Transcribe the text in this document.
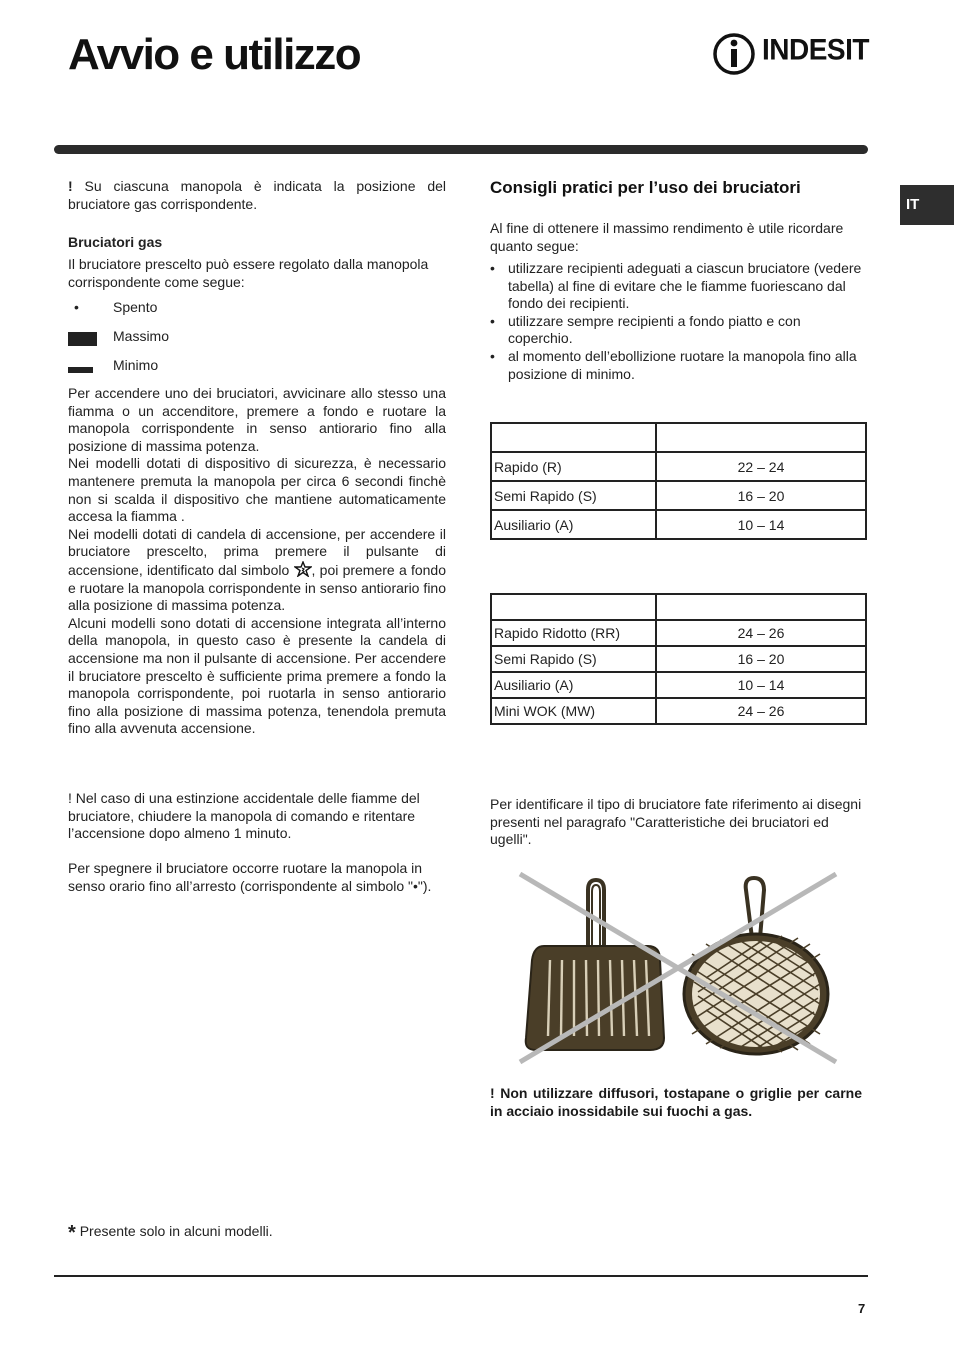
Avvio e utilizzo	INDESIT
IT
! Su ciascuna manopola è indicata la posizione del bruciatore gas corrispondente.
Bruciatori gas
Il bruciatore prescelto può essere regolato dalla manopola corrispondente come segue:
• Spento
Massimo
Minimo
Per accendere uno dei bruciatori, avvicinare allo stesso una fiamma o un accenditore, premere a fondo e ruotare la manopola corrispondente in senso antiorario fino alla posizione di massima potenza.
Nei modelli dotati di dispositivo di sicurezza, è necessario mantenere premuta la manopola per circa 6 secondi finchè non si scalda il dispositivo che mantiene automaticamente accesa la fiamma .
Nei modelli dotati di candela di accensione, per accendere il bruciatore prescelto, prima premere il pulsante di accensione, identificato dal simbolo , poi premere a fondo e ruotare la manopola corrispondente in senso antiorario fino alla posizione di massima potenza.
Alcuni modelli sono dotati di accensione integrata all’interno della manopola, in questo caso è presente la candela di accensione ma non il pulsante di accensione. Per accendere il bruciatore prescelto è sufficiente prima premere a fondo la manopola corrispondente, poi ruotarla in senso antiorario fino alla posizione di massima potenza, tenendola premuta fino alla avvenuta accensione.
! Nel caso di una estinzione accidentale delle fiamme del bruciatore, chiudere la manopola di comando e ritentare l’accensione dopo almeno 1 minuto.
Per spegnere il bruciatore occorre ruotare la manopola in senso orario fino all’arresto (corrispondente al simbolo "•").
Consigli pratici per l’uso dei bruciatori
Al fine di ottenere il massimo rendimento è utile ricordare quanto segue:
• utilizzare recipienti adeguati a ciascun bruciatore (vedere tabella) al fine di evitare che le fiamme fuoriescano dal fondo dei recipienti.
• utilizzare sempre recipienti a fondo piatto e con coperchio.
• al momento dell’ebollizione ruotare la manopola fino alla posizione di minimo.

Rapido (R)	22 – 24
Semi Rapido (S)	16 – 20
Ausiliario (A)	10 – 14

Rapido Ridotto (RR)	24 – 26
Semi Rapido (S)	16 – 20
Ausiliario (A)	10 – 14
Mini WOK (MW)	24 – 26
Per identificare il tipo di bruciatore fate riferimento ai disegni presenti nel paragrafo "Caratteristiche dei bruciatori ed ugelli".
! Non utilizzare diffusori, tostapane o griglie per carne in acciaio inossidabile sui fuochi a gas.
* Presente solo in alcuni modelli.
7
